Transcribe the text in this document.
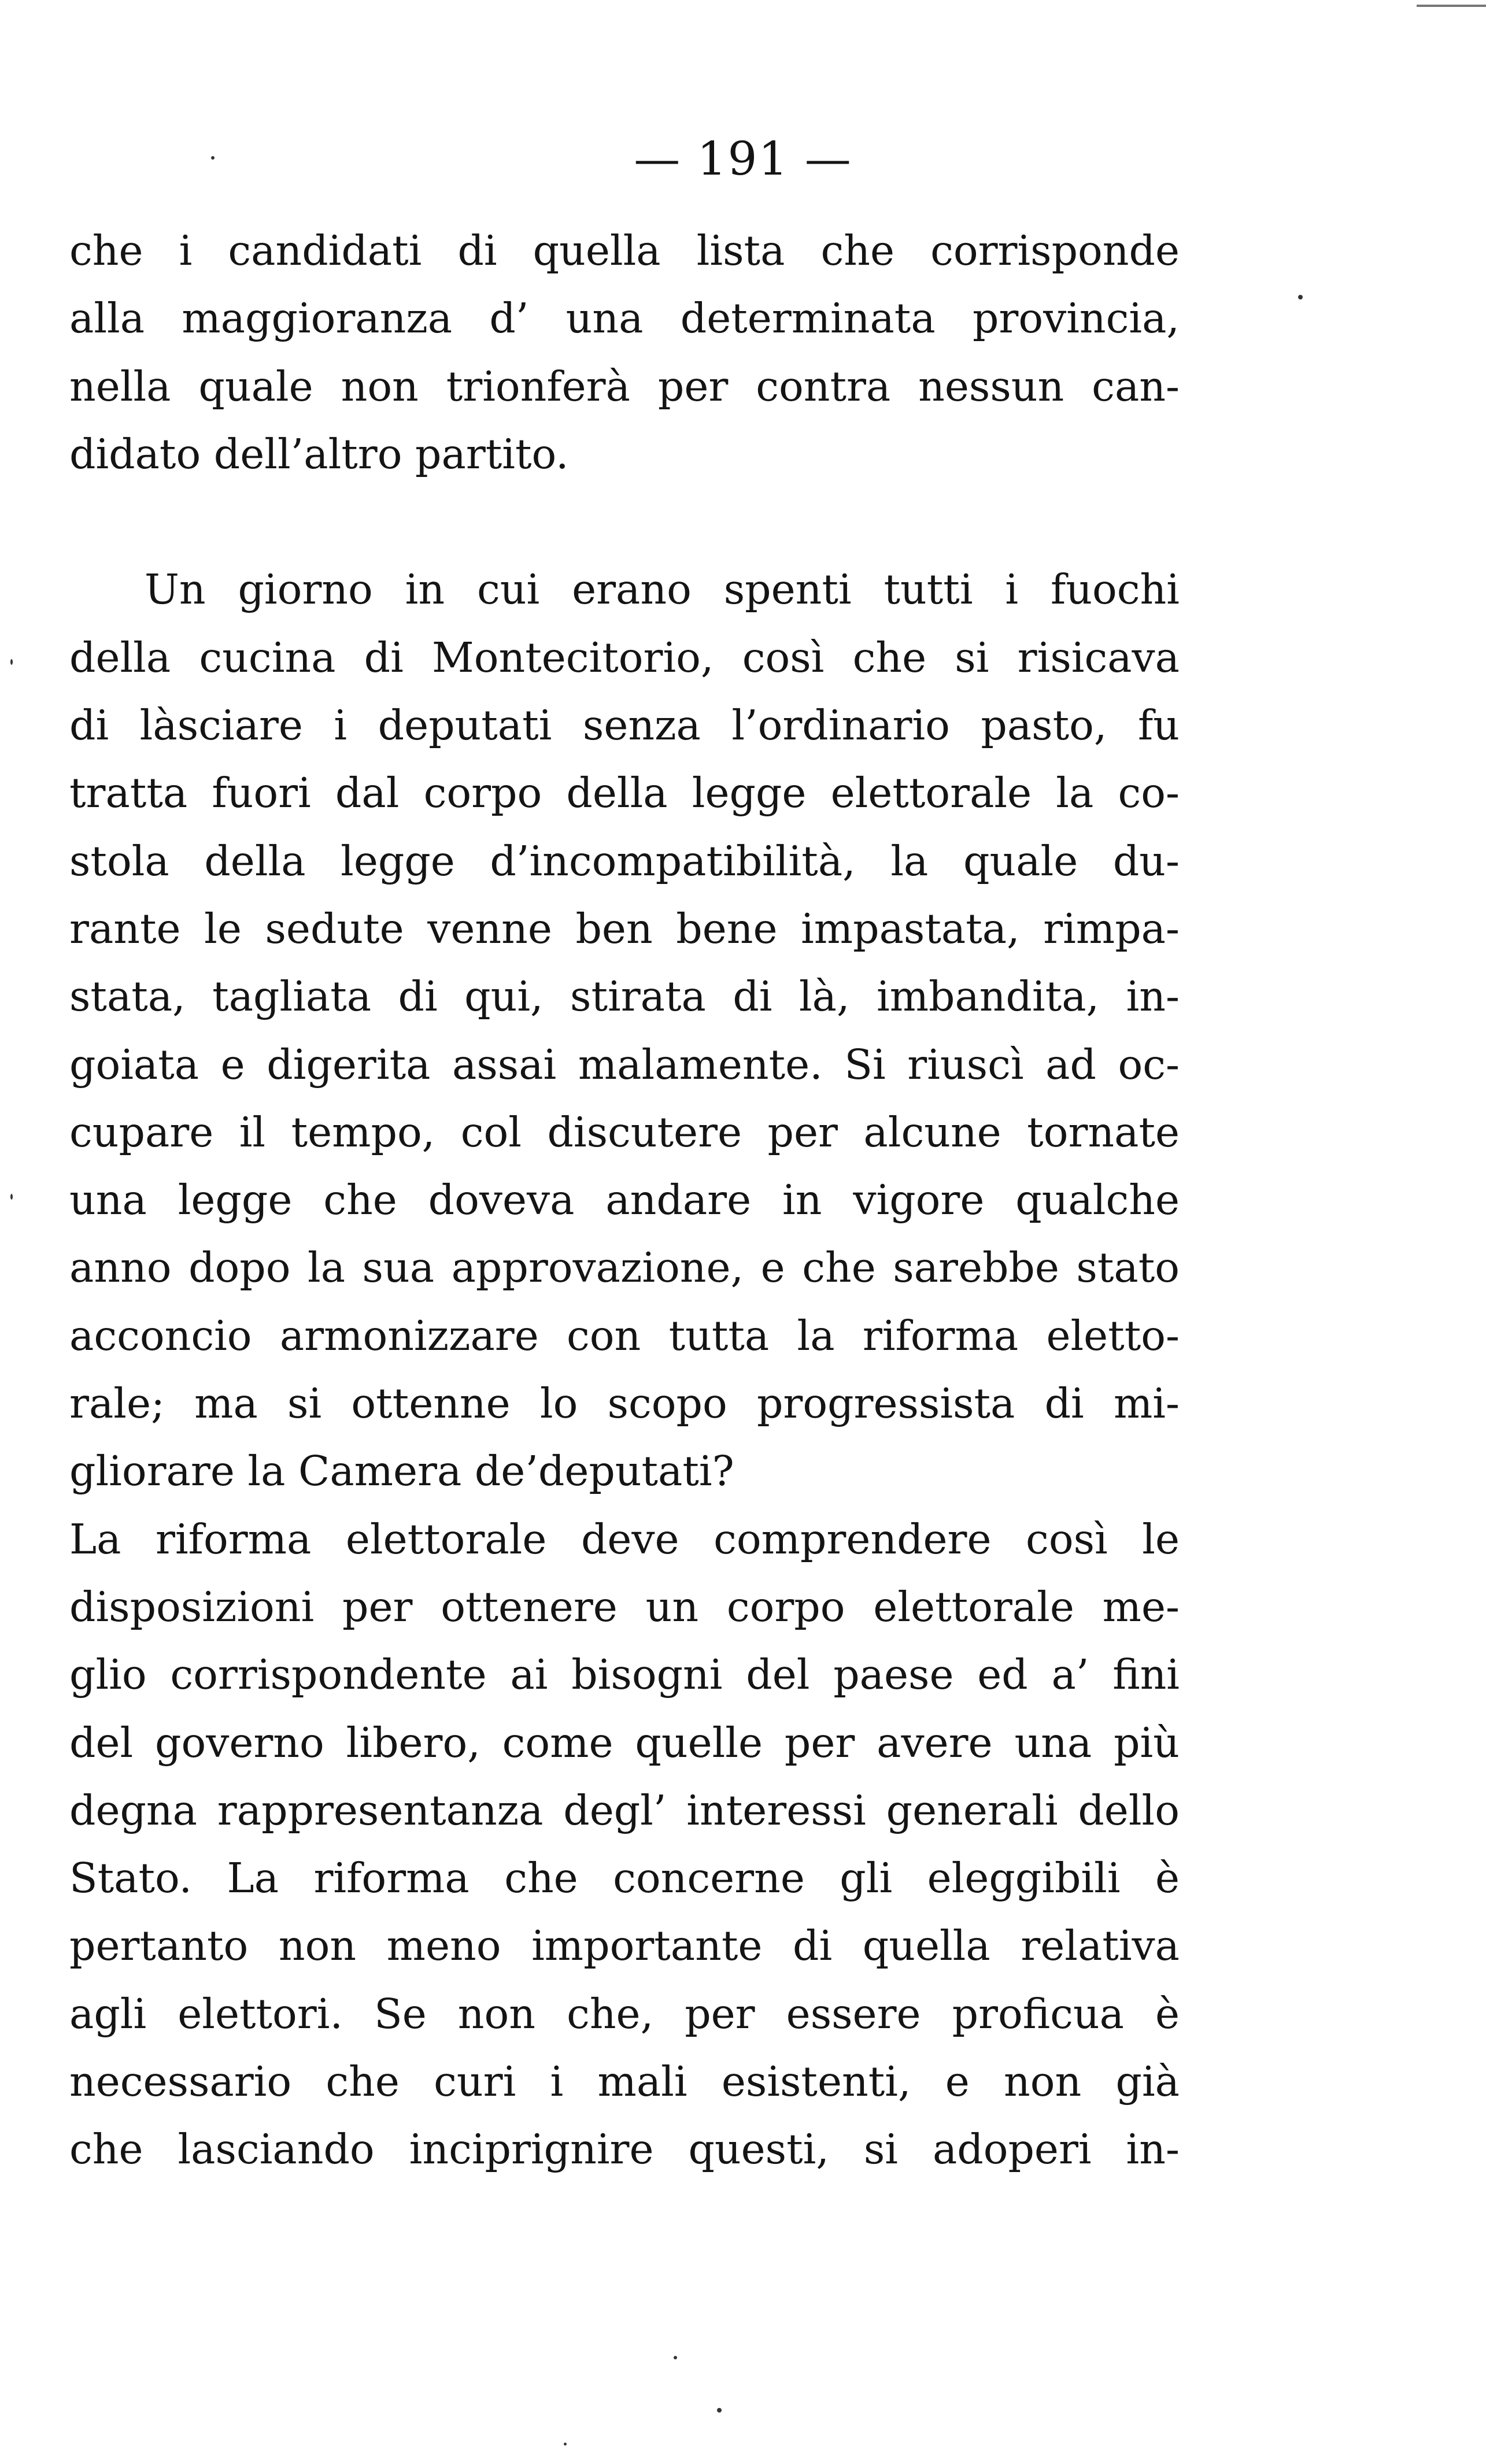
— 191 —
che i candidati di quella lista che corrisponde
alla maggioranza d’ una determinata provincia,
nella quale non trionferà per contra nessun can-
didato dell’altro partito.
Un giorno in cui erano spenti tutti i fuochi
della cucina di Montecitorio, così che si risicava
di làsciare i deputati senza l’ordinario pasto, fu
tratta fuori dal corpo della legge elettorale la co-
stola della legge d’incompatibilità, la quale du-
rante le sedute venne ben bene impastata, rimpa-
stata, tagliata di qui, stirata di là, imbandita, in-
goiata e digerita assai malamente. Si riuscì ad oc-
cupare il tempo, col discutere per alcune tornate
una legge che doveva andare in vigore qualche
anno dopo la sua approvazione, e che sarebbe stato
acconcio armonizzare con tutta la riforma eletto-
rale; ma si ottenne lo scopo progressista di mi-
gliorare la Camera de’deputati?
La riforma elettorale deve comprendere così le
disposizioni per ottenere un corpo elettorale me-
glio corrispondente ai bisogni del paese ed a’ fini
del governo libero, come quelle per avere una più
degna rappresentanza degl’ interessi generali dello
Stato. La riforma che concerne gli eleggibili è
pertanto non meno importante di quella relativa
agli elettori. Se non che, per essere proficua è
necessario che curi i mali esistenti, e non già
che lasciando inciprignire questi, si adoperi in-
